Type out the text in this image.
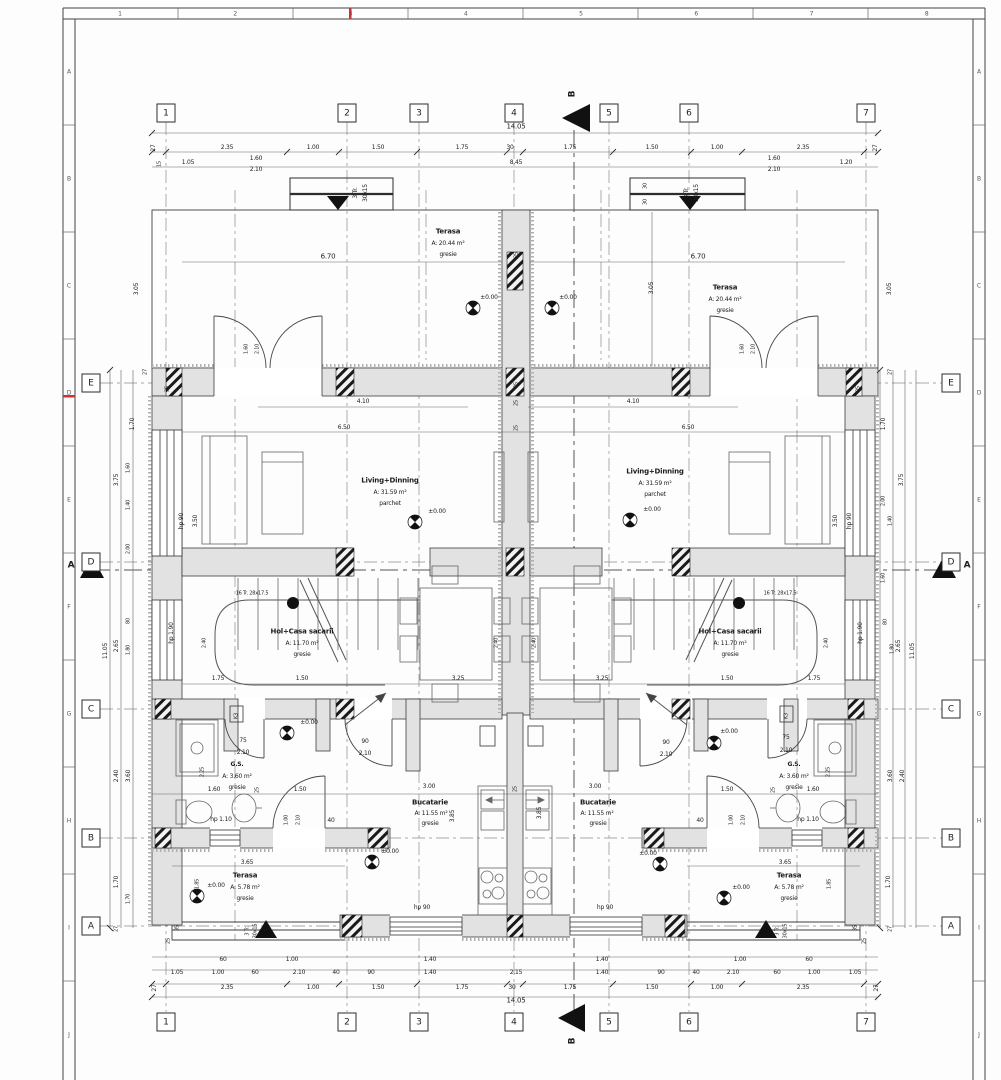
B
14.05
27	2.35	1.00	1.50	1.75	30	1.75	1.50	1.00	2.35	27
15	1.05
1.60
2.10
8.45
1.60
2.10
1.20
3 Tr. 30x15	30
30
3 Tr. 30x15
6.70	6.70
25
3.05	3.05	3.05
Terasa
A: 20.44 m²
gresie
Terasa
A: 20.44 m²
gresie
±0.00	±0.00
1.60 2.10	1.60 2.10
25
25
25
4.10	4.10
25
6.50	25	6.50
hp 90 3.50	3.50 hp 90
Living+Dinning
A: 31.59 m²
parchet
Living+Dinning
A: 31.59 m²
parchet
±0.00	±0.00
27
1.70
3.75
1.60
1.40
2.00
2.65
80
1.80
11.05
2.40 3.60
1.70
1.70
27
27
1.70
3.75
2.00
1.40
1.60
2.65
80
1.80 11.05
3.60 2.40
1.70
27
A	A
16 Tr. 28x17.5	16 Tr. 28x17.5
Hol+Casa sacarii
A: 11.70 m²
gresie
Hol+Casa sacarii
A: 11.70 m²
gresie
hp 1.90	hp 1.90
2.40	2.40	2.40	2.40
1.75	1.50	3.25	3.25	1.50	1.75
±0.00
±0.00
75
2.10
90
2.10
90
2.10
75
2.10
K3	K3
G.S.
A: 3.60 m²
gresie
G.S.
A: 3.60 m²
gresie
1.60	25	1.50	3.00	25	3.00	1.50	25	1.60
2.25	2.25
hp 1.10	hp 1.10
1.00 2.10	40	40	1.00 2.10
Bucatarie
A: 11.55 m²
gresie
Bucatarie
A: 11.55 m²
gresie
3.85	3.85
±0.00	±0.00
3.65	3.65
Terasa
A: 5.78 m²
gresie
Terasa
A: 5.78 m²
gresie
±0.00	±0.00
1.85	1.85
hp 90	hp 90
35
25
3 Tr. 30x15	3 Tr. 30x15	35
25
60	1.00	1.40	1.40	1.00	60
1.05	1.00	60	2.10	40	90	1.40	2.15	1.40	90	40	2.10	60	1.00	1.05
27	2.35	1.00	1.50	1.75	30	1.75	1.50	1.00	2.35	27
14.05
B
1
1
2
2
3
3
4
4
5
5
6
6
7
7
E	E
D	D
C	C
B	B
A	A
1	2	3	4	5	6	7	8
A	A
B	B
C	C
D	D
E	E
F	F
G	G
H	H
I	I
J	J
